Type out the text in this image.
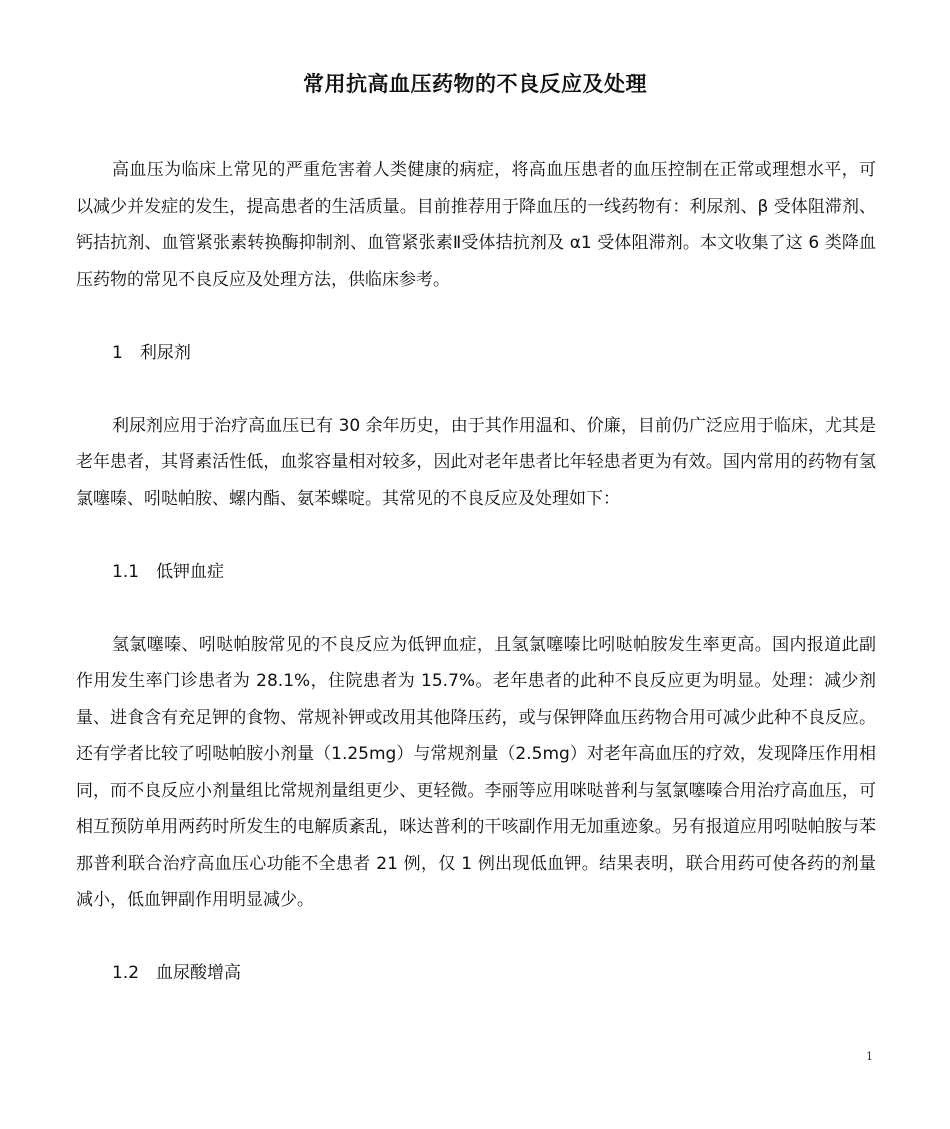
常用抗高血压药物的不良反应及处理

高血压为临床上常见的严重危害着人类健康的病症，将高血压患者的血压控制在正常或理想水平，可以减少并发症的发生，提高患者的生活质量。目前推荐用于降血压的一线药物有：利尿剂、β 受体阻滞剂、钙拮抗剂、血管紧张素转换酶抑制剂、血管紧张素Ⅱ受体拮抗剂及 α1 受体阻滞剂。本文收集了这 6 类降血压药物的常见不良反应及处理方法，供临床参考。

1　利尿剂

利尿剂应用于治疗高血压已有 30 余年历史，由于其作用温和、价廉，目前仍广泛应用于临床，尤其是老年患者，其肾素活性低，血浆容量相对较多，因此对老年患者比年轻患者更为有效。国内常用的药物有氢氯噻嗪、吲哒帕胺、螺内酯、氨苯蝶啶。其常见的不良反应及处理如下：

1.1　低钾血症

氢氯噻嗪、吲哒帕胺常见的不良反应为低钾血症，且氢氯噻嗪比吲哒帕胺发生率更高。国内报道此副作用发生率门诊患者为 28.1%，住院患者为 15.7%。老年患者的此种不良反应更为明显。处理：减少剂量、进食含有充足钾的食物、常规补钾或改用其他降压药，或与保钾降血压药物合用可减少此种不良反应。还有学者比较了吲哒帕胺小剂量（1.25mg）与常规剂量（2.5mg）对老年高血压的疗效，发现降压作用相同，而不良反应小剂量组比常规剂量组更少、更轻微。李丽等应用咪哒普利与氢氯噻嗪合用治疗高血压，可相互预防单用两药时所发生的电解质紊乱，咪达普利的干咳副作用无加重迹象。另有报道应用吲哒帕胺与苯那普利联合治疗高血压心功能不全患者 21 例，仅 1 例出现低血钾。结果表明，联合用药可使各药的剂量减小，低血钾副作用明显减少。

1.2　血尿酸增高

1
